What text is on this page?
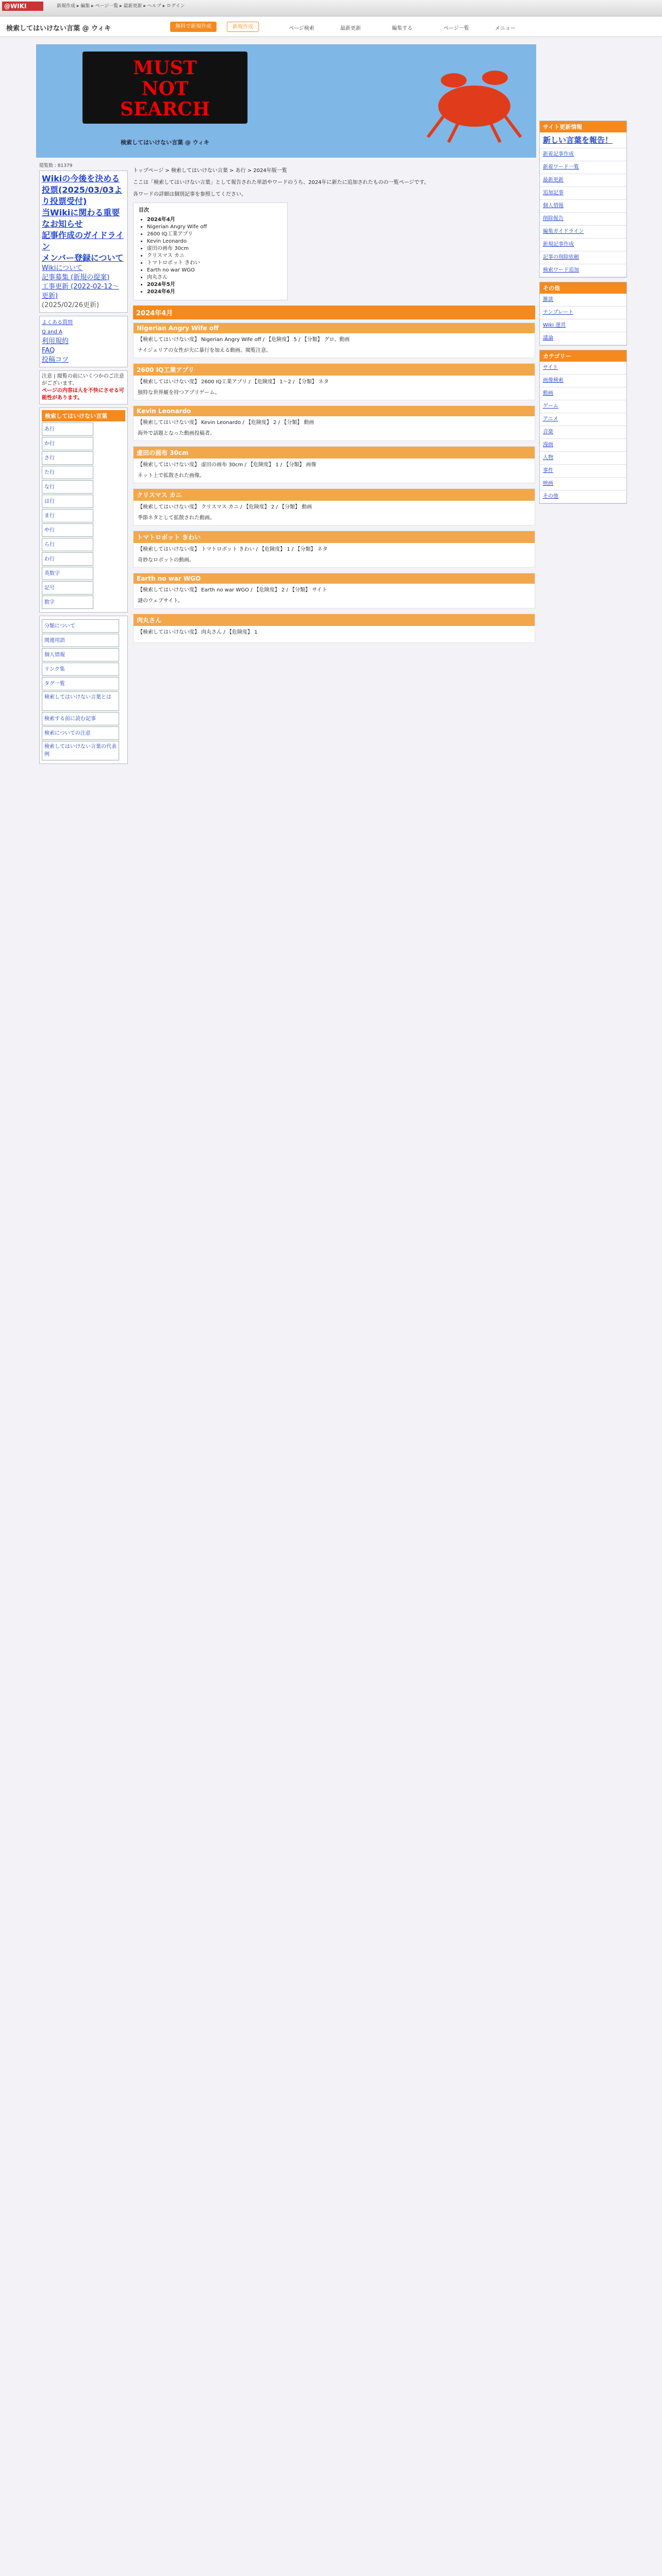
@WIKI	新規作成 ▸ 編集 ▸ ページ一覧 ▸ 最新更新 ▸ ヘルプ ▸ ログイン
検索してはいけない言葉 @ ウィキ	無料で新規作成	新規作成	ページ検索	最新更新	編集する	ページ一覧	メニュー
MUST
NOT
SEARCH
検索してはいけない言葉 @ ウィキ
閲覧数 : 81379
Wikiの今後を決める投票(2025/03/03より投票受付)
当Wikiに関わる重要なお知らせ
記事作成のガイドライン
メンバー登録について
Wikiについて
記事募集 (新規の提案)
工事更新 (2022-02-12〜更新)
(2025/02/26更新)
よくある質問
Q and A
利用規約
FAQ
投稿コツ
注意 | 閲覧の前にいくつかのご注意がございます。
ページの内容は人を不快にさせる可能性があります。
検索してはいけない言葉
あ行
か行
さ行
た行
な行
は行
ま行
や行
ら行
わ行
英数字
記号
数字
分類について
関連用語
個人情報
リンク集
タグ一覧
検索してはいけない言葉とは
検索する前に読む記事
検索についての注意
検索してはいけない言葉の代表例
トップページ > 検索してはいけない言葉 > あ行 > 2024年版一覧

ここは「検索してはいけない言葉」として報告された単語やワードのうち、2024年に新たに追加されたものの一覧ページです。

各ワードの詳細は個別記事を参照してください。

目次
• 2024年4月
• Nigerian Angry Wife off
• 2600 IQ工業アプリ
• Kevin Leonardo
• 虚田の画布 30cm
• クリスマス カニ
• トマトロボット きわい
• Earth no war WGO
• 肉丸さん
• 2024年5月
• 2024年6月
2024年4月
Nigerian Angry Wife off
【検索してはいけない度】 Nigerian Angry Wife off / 【危険度】 5 / 【分類】 グロ、動画
ナイジェリアの女性が夫に暴行を加える動画。閲覧注意。
2600 IQ工業アプリ
【検索してはいけない度】 2600 IQ工業アプリ / 【危険度】 1〜2 / 【分類】 ネタ
独特な世界観を持つアプリゲーム。
Kevin Leonardo
【検索してはいけない度】 Kevin Leonardo / 【危険度】 2 / 【分類】 動画
海外で話題となった動画投稿者。
虚田の画布 30cm
【検索してはいけない度】 虚田の画布 30cm / 【危険度】 1 / 【分類】 画像
ネット上で拡散された画像。
クリスマス カニ
【検索してはいけない度】 クリスマス カニ / 【危険度】 2 / 【分類】 動画
季節ネタとして拡散された動画。
トマトロボット きわい
【検索してはいけない度】 トマトロボット きわい / 【危険度】 1 / 【分類】 ネタ
奇妙なロボットの動画。
Earth no war WGO
【検索してはいけない度】 Earth no war WGO / 【危険度】 2 / 【分類】 サイト
謎のウェブサイト。
肉丸さん
【検索してはいけない度】 肉丸さん / 【危険度】 1
サイト更新情報
新しい言葉を報告！
新着記事作成
新着ワード一覧
最新更新
追加記事
個人情報
削除報告
編集ガイドライン
新規記事作成
記事の削除依頼
検索ワード追加
その他
雑談
テンプレート
Wiki 運営
議論
カテゴリー
サイト
画像検索
動画
ゲーム
アニメ
音楽
漫画
人物
事件
映画
その他
